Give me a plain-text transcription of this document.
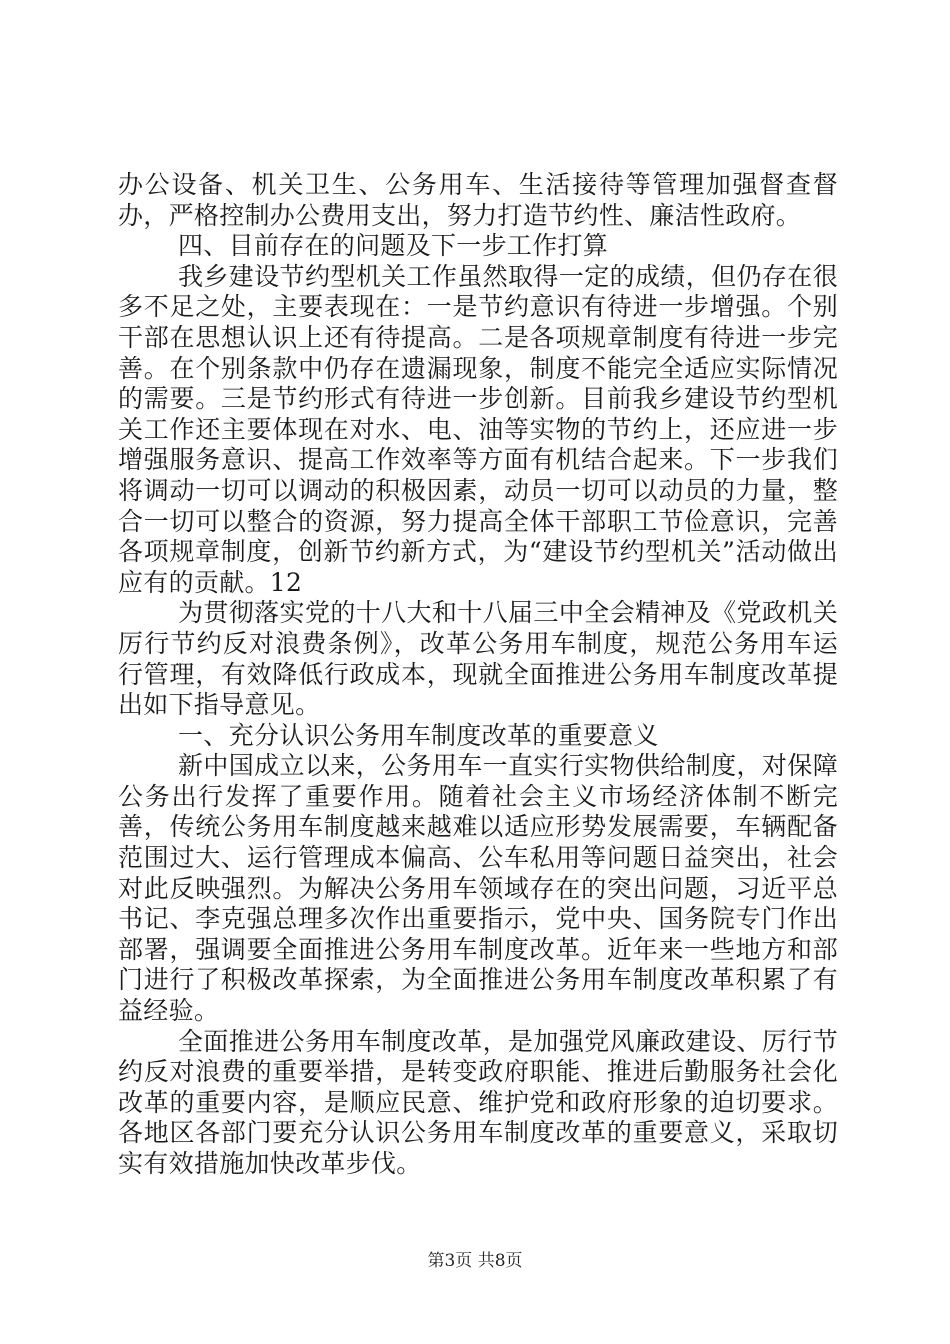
办公设备、机关卫生、公务用车、生活接待等管理加强督查督办，严格控制办公费用支出，努力打造节约性、廉洁性政府。

四、目前存在的问题及下一步工作打算

我乡建设节约型机关工作虽然取得一定的成绩，但仍存在很多不足之处，主要表现在：一是节约意识有待进一步增强。个别干部在思想认识上还有待提高。二是各项规章制度有待进一步完善。在个别条款中仍存在遗漏现象，制度不能完全适应实际情况的需要。三是节约形式有待进一步创新。目前我乡建设节约型机关工作还主要体现在对水、电、油等实物的节约上，还应进一步增强服务意识、提高工作效率等方面有机结合起来。下一步我们将调动一切可以调动的积极因素，动员一切可以动员的力量，整合一切可以整合的资源，努力提高全体干部职工节俭意识，完善各项规章制度，创新节约新方式，为“建设节约型机关”活动做出应有的贡献。12

为贯彻落实党的十八大和十八届三中全会精神及《党政机关厉行节约反对浪费条例》，改革公务用车制度，规范公务用车运行管理，有效降低行政成本，现就全面推进公务用车制度改革提出如下指导意见。

一、充分认识公务用车制度改革的重要意义

新中国成立以来，公务用车一直实行实物供给制度，对保障公务出行发挥了重要作用。随着社会主义市场经济体制不断完善，传统公务用车制度越来越难以适应形势发展需要，车辆配备范围过大、运行管理成本偏高、公车私用等问题日益突出，社会对此反映强烈。为解决公务用车领域存在的突出问题，习近平总书记、李克强总理多次作出重要指示，党中央、国务院专门作出部署，强调要全面推进公务用车制度改革。近年来一些地方和部门进行了积极改革探索，为全面推进公务用车制度改革积累了有益经验。

全面推进公务用车制度改革，是加强党风廉政建设、厉行节约反对浪费的重要举措，是转变政府职能、推进后勤服务社会化改革的重要内容，是顺应民意、维护党和政府形象的迫切要求。各地区各部门要充分认识公务用车制度改革的重要意义，采取切实有效措施加快改革步伐。

第3页 共8页
